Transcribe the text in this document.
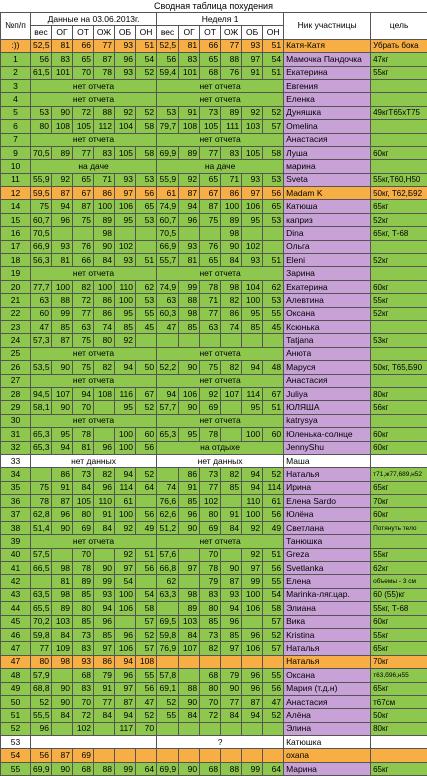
Сводная таблица похудения
№п/п	Данные на 03.06.2013г.						Неделя 1						Ник участницы	цель
	вес	ОГ	ОТ	ОЖ	ОБ	ОН	вес	ОГ	ОТ	ОЖ	ОБ	ОН		
:))	52,5	81	66	77	93	51	52,5	81	66	77	93	51	Катя-Катя	Убрать бока
1	56	83	65	87	96	54	56	83	65	88	97	54	Мамочка Пандочка	47кг
2	61,5	101	70	78	93	52	59,4	101	68	76	91	51	Екатерина	55кг
3	нет отчета						нет отчета						Евгения	
4	нет отчета						нет отчета						Еленка	
5	53	90	72	88	92	52	53	91	73	89	92	52	Дуняшка	49кгТ65хТ75
6	80	108	105	112	104	58	79,7	108	105	111	103	57	Omelina	
7	нет отчета						нет отчета						Анастасия	
9	70,5	89	77	83	105	58	69,9	89	77	83	105	58	Луша	60кг
10	на даче						на даче						марина	
11	55,9	92	65	71	93	53	55,9	92	65	71	93	53	Sveta	55кг,Т60,Н50
12	59,5	87	67	86	97	56	61	87	67	86	97	56	Madam K	50кг, Т62,Б92
14	75	94	87	100	106	65	74,9	94	87	100	106	65	Катюша	65кг
15	60,7	96	75	89	95	53	60,7	96	75	89	95	53	каприз	52кг
16	70,5			98			70,5			98			Dina	65кг, Т-68
17	66,9	93	76	90	102		66,9	93	76	90	102		Ольга	
18	56,3	81	66	84	93	51	55,7	81	65	84	93	51	Eleni	52кг
19	нет отчета						нет отчета						Зарина	
20	77,7	100	82	100	110	62	74,9	99	78	98	104	62	Екатерина	60кг
21	63	88	72	86	100	53	63	88	71	82	100	53	Алевтина	55кг
22	60	99	77	86	95	55	60,3	98	77	86	95	55	Оксана	52кг
23	47	85	63	74	85	45	47	85	63	74	85	45	Ксюнька	
24	57,3	87	75	80	92								Tatjana	53кг
25	нет отчета						нет отчета						Анюта	
26	53,5	90	75	82	94	50	52,2	90	75	82	94	48	Маруся	50кг, Т65,Б90
27	нет отчета						нет отчета						Анастасия	
28	94,5	107	94	108	116	67	94	106	92	107	114	67	Juliya	80кг
29	58,1	90	70		95	52	57,7	90	69		95	51	ЮЛЯША	56кг
30	нет отчета						нет отчета						katrysya	
31	65,3	95	78		100	60	65,3	95	78		100	60	Юленька-солнце	60кг
32	65,3	94	81	96	100	56	на отдыхе						JennyShu	60кг
33	нет данных						нет данных						Маша	
34		86	73	82	94	52		86	73	82	94	52	Наталья	т71,ж77,689,н52
35	75	91	84	96	114	64	74	91	77	85	94	114	Ирина	65кг
36	78	87	105	110	61		76,6	85	102		110	61	Елена Sardo	70кг
37	62,8	96	80	91	100	56	62,6	96	80	91	100	56	Юлёна	60кг
38	51,4	90	69	84	92	49	51,2	90	69	84	92	49	Светлана	Потянуть тело
39	нет отчета						нет отчета						Танюшка	
40	57,5		70		92	51	57,6		70		92	51	Greza	55кг
41	66,5	98	78	90	97	56	66,8	97	78	90	97	56	Svetlanka	62кг
42		81	89	99	54		62		79	87	99	55	Елена	объемы - 3 см
43	63,5	98	85	93	100	54	63,3	98	83	93	100	54	Marinka-ляг.цар.	60 (55)кг
44	65,5	89	80	94	106	58		89	80	94	106	58	Элиана	55кг, Т-68
45	70,2	103	85	96		57	69,5	103	85	96		57	Вика	60кг
46	59,8	84	73	85	96	52	59,8	84	73	85	96	52	Kristina	55кг
47	77	109	83	97	106	57	76,9	107	82	97	106	57	Наталья	65кг
47	80	98	93	86	94	108							Наталья	70кг
48	57,9		68	79	96	55	57,8		68	79	96	55	Оксана	т63,б96,н55
49	68,8	90	83	91	97	56	69,1	88	80	90	96	56	Мария (т.д.н)	65кг
50	52	90	70	77	87	47	52	90	70	77	87	47	Анастасия	т67см
51	55,5	84	72	84	94	52	55	84	72	84	94	52	Алёна	50кг
52	96		102		117	70							Элина	80кг
53							?						Катюшка	
54	56	87	69										охапа	
55	69,9	90	68	88	99	64	69,9	90	68	88	99	64	Марина	65кг
